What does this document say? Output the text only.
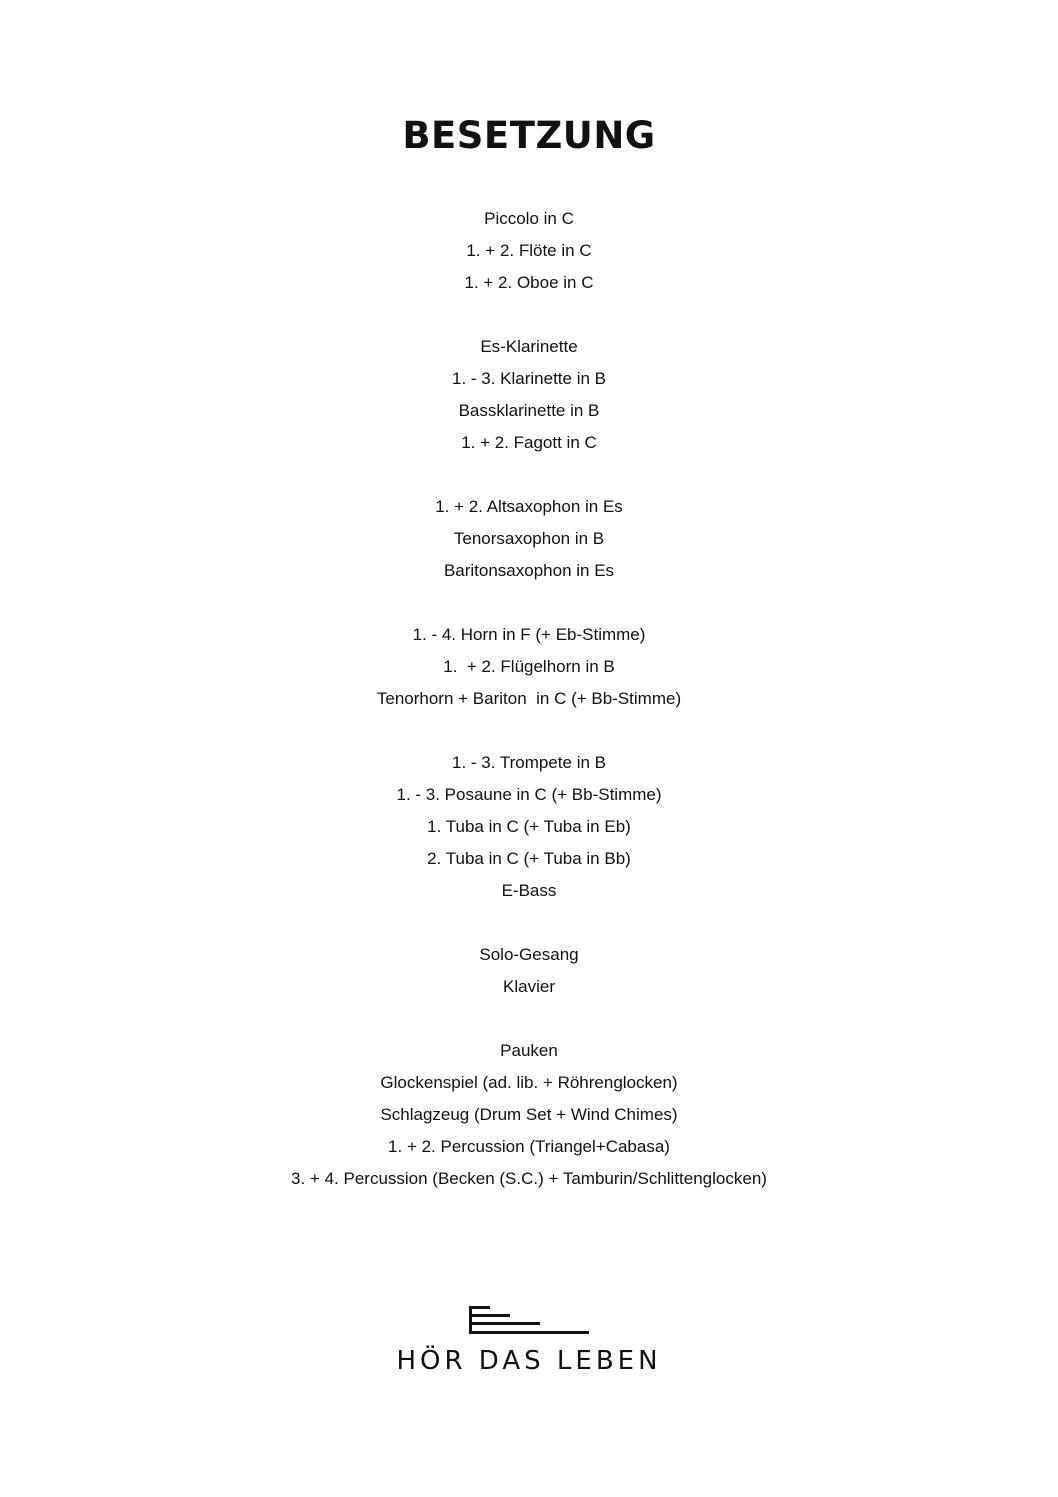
BESETZUNG
Piccolo in C
1. + 2. Flöte in C
1. + 2. Oboe in C
Es-Klarinette
1. - 3. Klarinette in B
Bassklarinette in B
1. + 2. Fagott in C
1. + 2. Altsaxophon in Es
Tenorsaxophon in B
Baritonsaxophon in Es
1. - 4. Horn in F (+ Eb-Stimme)
1.  + 2. Flügelhorn in B
Tenorhorn + Bariton  in C (+ Bb-Stimme)
1. - 3. Trompete in B
1. - 3. Posaune in C (+ Bb-Stimme)
1. Tuba in C (+ Tuba in Eb)
2. Tuba in C (+ Tuba in Bb)
E-Bass
Solo-Gesang
Klavier
Pauken
Glockenspiel (ad. lib. + Röhrenglocken)
Schlagzeug (Drum Set + Wind Chimes)
1. + 2. Percussion (Triangel+Cabasa)
3. + 4. Percussion (Becken (S.C.) + Tamburin/Schlittenglocken)
HÖR DAS LEBEN
